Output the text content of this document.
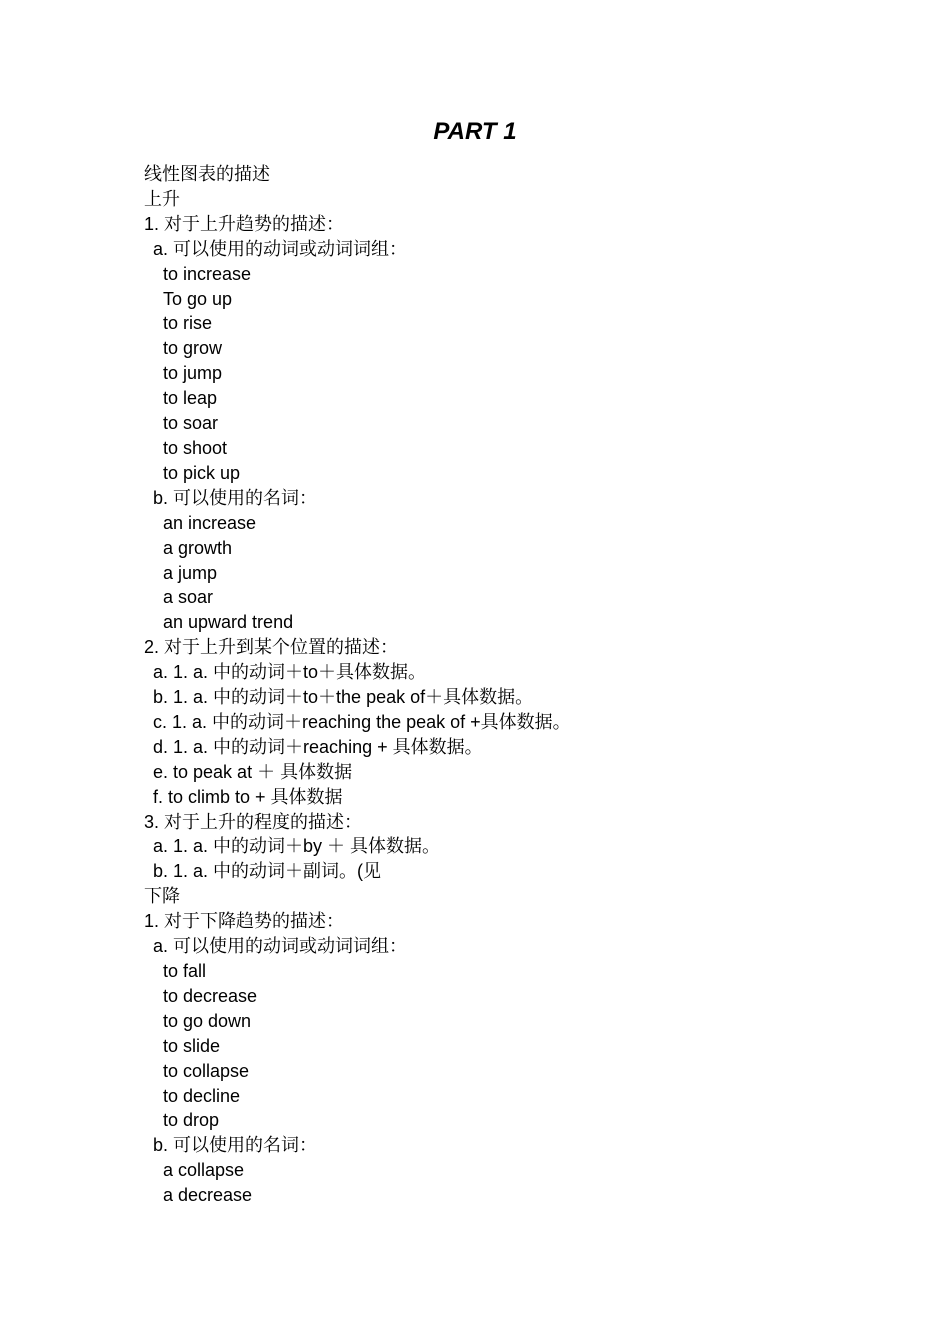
PART 1
线性图表的描述
上升
1. 对于上升趋势的描述：
a. 可以使用的动词或动词词组：
to increase
To go up
to rise
to grow
to jump
to leap
to soar
to shoot
to pick up
b. 可以使用的名词：
an increase
a growth
a jump
a soar
an upward trend
2. 对于上升到某个位置的描述：
a. 1. a. 中的动词＋to＋具体数据。
b. 1. a. 中的动词＋to＋the peak of＋具体数据。
c. 1. a. 中的动词＋reaching the peak of +具体数据。
d. 1. a. 中的动词＋reaching + 具体数据。
e. to peak at ＋ 具体数据
f. to climb to + 具体数据
3. 对于上升的程度的描述：
a. 1. a. 中的动词＋by ＋ 具体数据。
b. 1. a. 中的动词＋副词。(见
下降
1. 对于下降趋势的描述：
a. 可以使用的动词或动词词组：
to fall
to decrease
to go down
to slide
to collapse
to decline
to drop
b. 可以使用的名词：
a collapse
a decrease
